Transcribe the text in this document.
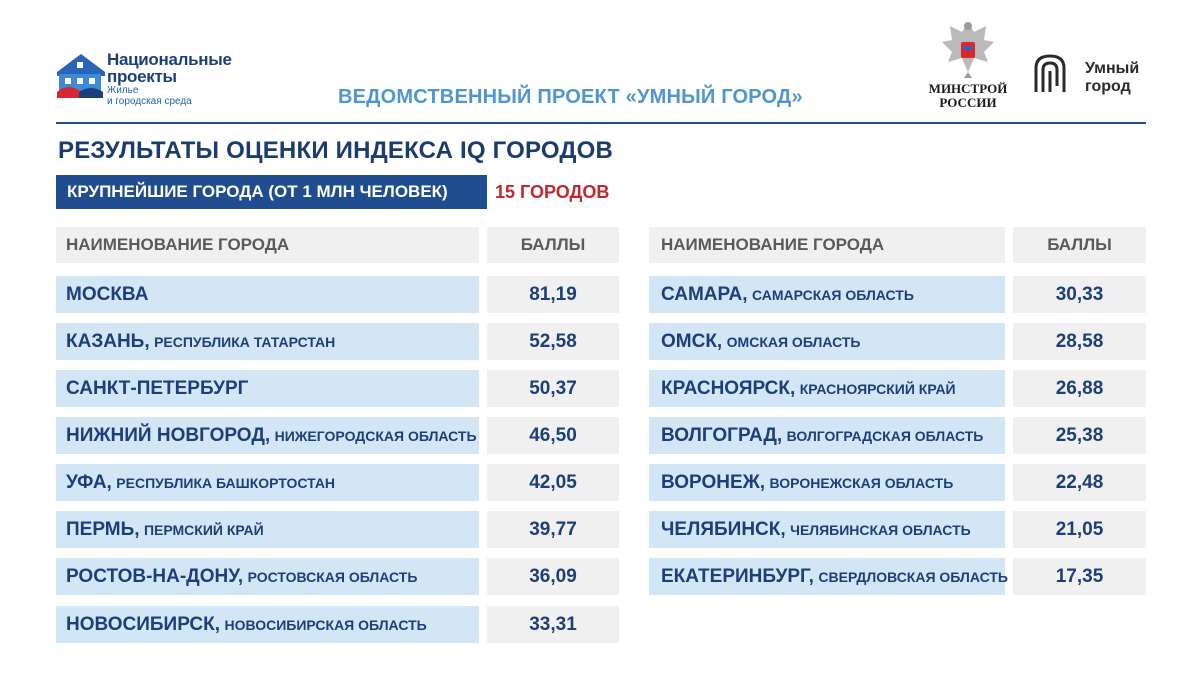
Национальные
проекты
Жилье
и городская среда	ВЕДОМСТВЕННЫЙ ПРОЕКТ «УМНЫЙ ГОРОД»	МИНСТРОЙ
РОССИИ
Умный
город
РЕЗУЛЬТАТЫ ОЦЕНКИ ИНДЕКСА IQ ГОРОДОВ
КРУПНЕЙШИЕ ГОРОДА (ОТ 1 МЛН ЧЕЛОВЕК)	15 ГОРОДОВ
НАИМЕНОВАНИЕ ГОРОДА	БАЛЛЫ	НАИМЕНОВАНИЕ ГОРОДА	БАЛЛЫ
МОСКВА	81,19
КАЗАНЬ, РЕСПУБЛИКА ТАТАРСТАН	52,58
САНКТ-ПЕТЕРБУРГ	50,37
НИЖНИЙ НОВГОРОД, НИЖЕГОРОДСКАЯ ОБЛАСТЬ	46,50
УФА, РЕСПУБЛИКА БАШКОРТОСТАН	42,05
ПЕРМЬ, ПЕРМСКИЙ КРАЙ	39,77
РОСТОВ-НА-ДОНУ, РОСТОВСКАЯ ОБЛАСТЬ	36,09
НОВОСИБИРСК, НОВОСИБИРСКАЯ ОБЛАСТЬ	33,31
САМАРА, САМАРСКАЯ ОБЛАСТЬ	30,33
ОМСК, ОМСКАЯ ОБЛАСТЬ	28,58
КРАСНОЯРСК, КРАСНОЯРСКИЙ КРАЙ	26,88
ВОЛГОГРАД, ВОЛГОГРАДСКАЯ ОБЛАСТЬ	25,38
ВОРОНЕЖ, ВОРОНЕЖСКАЯ ОБЛАСТЬ	22,48
ЧЕЛЯБИНСК, ЧЕЛЯБИНСКАЯ ОБЛАСТЬ	21,05
ЕКАТЕРИНБУРГ, СВЕРДЛОВСКАЯ ОБЛАСТЬ	17,35
